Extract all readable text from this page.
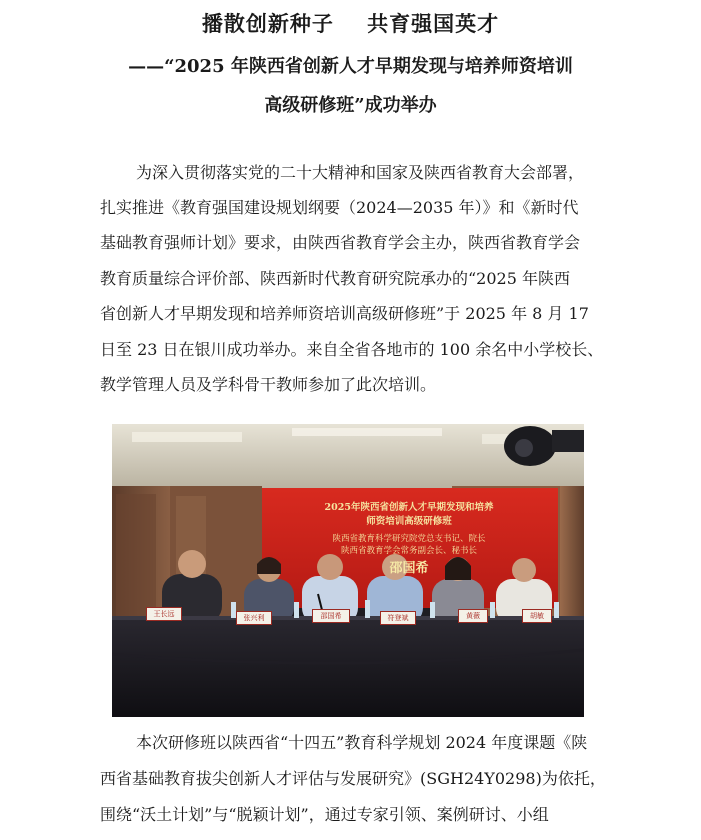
播散创新种子    共育强国英才
——“2025 年陕西省创新人才早期发现与培养师资培训
高级研修班”成功举办
为深入贯彻落实党的二十大精神和国家及陕西省教育大会部署，
扎实推进《教育强国建设规划纲要（2024—2035 年）》和《新时代
基础教育强师计划》要求，由陕西省教育学会主办，陕西省教育学会
教育质量综合评价部、陕西新时代教育研究院承办的“2025 年陕西
省创新人才早期发现和培养师资培训高级研修班”于 2025 年 8 月 17
日至 23 日在银川成功举办。来自全省各地市的 100 余名中小学校长、
教学管理人员及学科骨干教师参加了此次培训。
2025年陕西省创新人才早期发现和培养
师资培训高级研修班
陕西省教育科学研究院党总支书记、院长
陕西省教育学会常务副会长、秘书长
邵国希
王长远	张兴利	邵国希	符登斌	黄薇	胡敏
本次研修班以陕西省“十四五”教育科学规划 2024 年度课题《陕
西省基础教育拔尖创新人才评估与发展研究》(SGH24Y0298)为依托，
围绕“沃土计划”与“脱颖计划”，通过专家引领、案例研讨、小组
